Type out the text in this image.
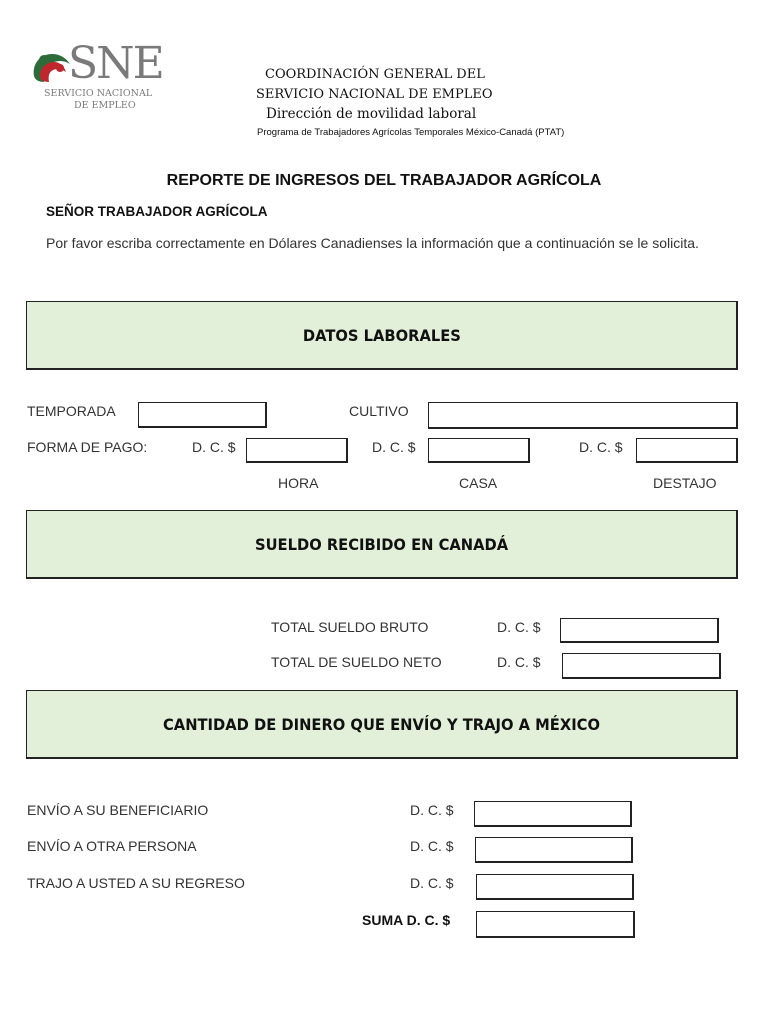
SNE
SERVICIO NACIONAL
DE EMPLEO
COORDINACIÓN GENERAL DEL
SERVICIO NACIONAL DE EMPLEO
Dirección de movilidad laboral
Programa de Trabajadores Agrícolas Temporales México-Canadá (PTAT)
REPORTE DE INGRESOS DEL TRABAJADOR AGRÍCOLA
SEÑOR TRABAJADOR AGRÍCOLA
Por favor escriba correctamente en Dólares Canadienses la información que a continuación se le solicita.
DATOS LABORALES
TEMPORADA	CULTIVO
FORMA DE PAGO:	D. C. $	D. C. $	D. C. $
HORA	CASA	DESTAJO
SUELDO RECIBIDO EN CANADÁ
TOTAL SUELDO BRUTO	D. C. $
TOTAL DE SUELDO NETO	D. C. $
CANTIDAD DE DINERO QUE ENVÍO Y TRAJO A MÉXICO
ENVÍO A SU BENEFICIARIO	D. C. $
ENVÍO A OTRA PERSONA	D. C. $
TRAJO A USTED A SU REGRESO	D. C. $
SUMA D. C. $
